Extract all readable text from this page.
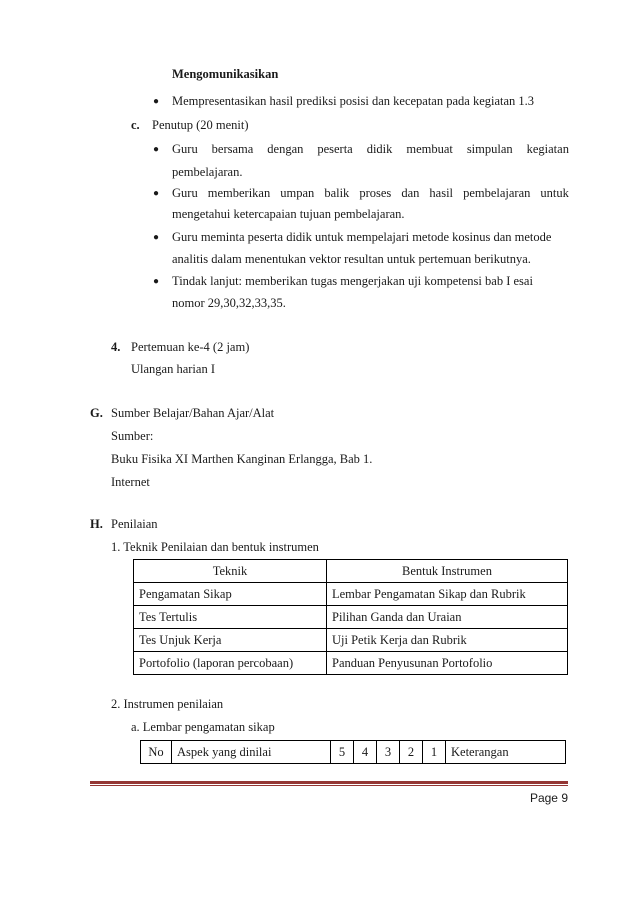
Mengomunikasikan
● Mempresentasikan hasil prediksi posisi dan kecepatan pada kegiatan 1.3
c. Penutup (20 menit)
● Guru bersama dengan peserta didik membuat simpulan kegiatan
pembelajaran.
● Guru memberikan umpan balik proses dan hasil pembelajaran untuk
mengetahui ketercapaian tujuan pembelajaran.
● Guru meminta peserta didik untuk mempelajari metode kosinus dan metode
analitis dalam menentukan vektor resultan untuk pertemuan berikutnya.
● Tindak lanjut: memberikan tugas mengerjakan uji kompetensi bab I esai
nomor 29,30,32,33,35.
4. Pertemuan ke-4 (2 jam)
Ulangan harian I
G. Sumber Belajar/Bahan Ajar/Alat
Sumber:
Buku Fisika XI Marthen Kanginan Erlangga, Bab 1.
Internet
H. Penilaian
1. Teknik Penilaian dan bentuk instrumen
Teknik	Bentuk Instrumen
Pengamatan Sikap	Lembar Pengamatan Sikap dan Rubrik
Tes Tertulis	Pilihan Ganda dan Uraian
Tes Unjuk Kerja	Uji Petik Kerja dan Rubrik
Portofolio (laporan percobaan)	Panduan Penyusunan Portofolio
2. Instrumen penilaian
a. Lembar pengamatan sikap
No	Aspek yang dinilai	5	4	3	2	1	Keterangan
Page 9
